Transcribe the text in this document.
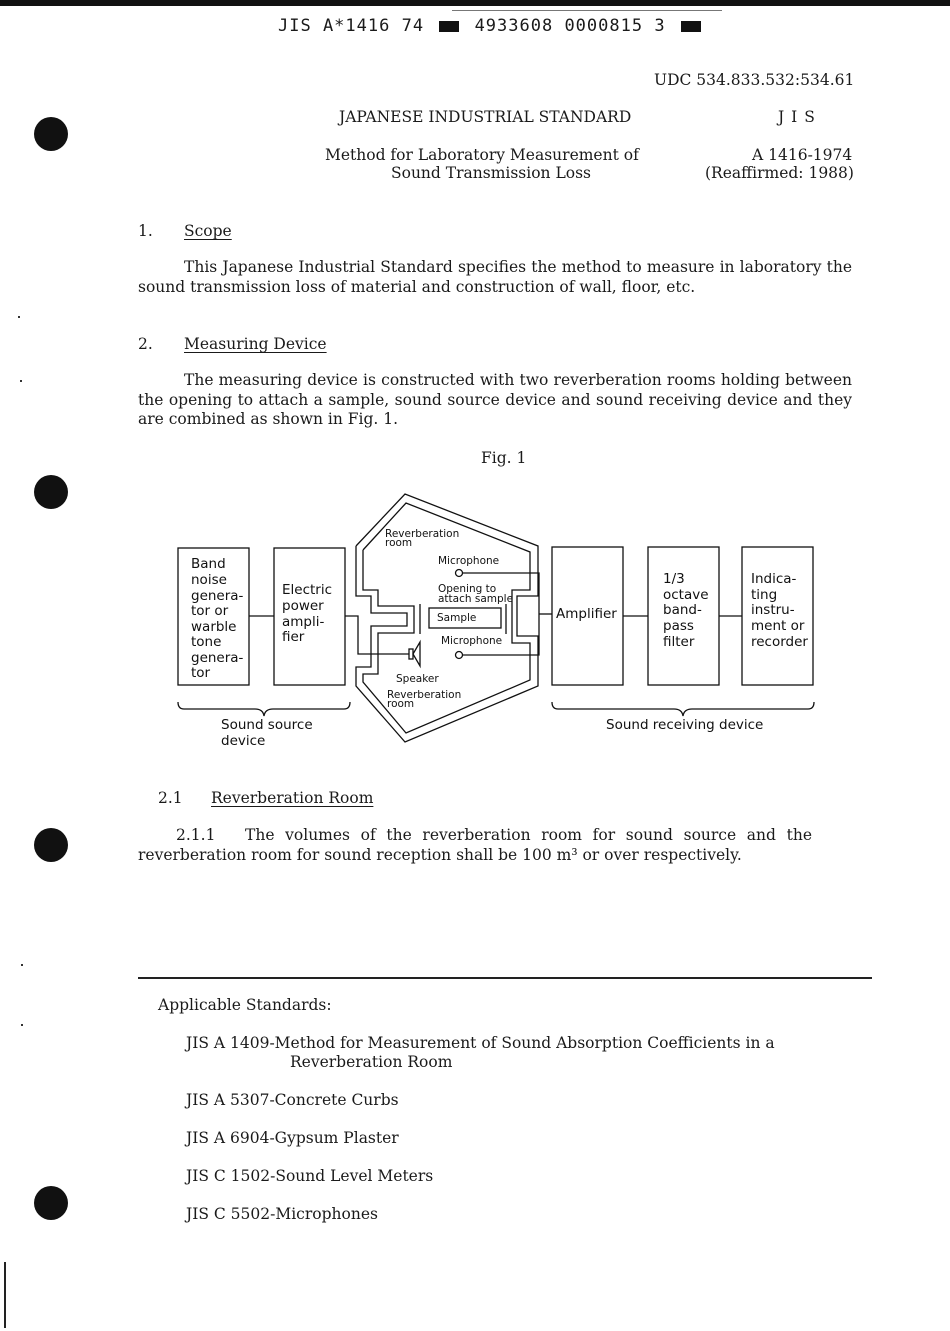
JIS A*1416 74	4933608 0000815 3
UDC 534.833.532:534.61
JAPANESE INDUSTRIAL STANDARD	J I S
Method for Laboratory Measurement of
Sound Transmission Loss
A 1416-1974
(Reaffirmed: 1988)
1. Scope
This Japanese Industrial Standard specifies the method to measure in laboratory the sound transmission loss of material and construction of wall, floor, etc.
2. Measuring Device
The measuring device is constructed with two reverberation rooms holding between the opening to attach a sample, sound source device and sound receiving device and they are combined as shown in Fig. 1.
Fig. 1
Band
noise
genera-
tor or
warble
tone
genera-
tor
Electric
power
ampli-
fier
Amplifier
1/3
octave
band-
pass
filter
Indica-
ting
instru-
ment or
recorder
Reverberation
room
Microphone
Opening to
attach sample
Sample
Microphone
Speaker
Reverberation
room
Sound source
device
Sound receiving device
2.1 Reverberation Room
2.1.1	The volumes of the reverberation room for sound source and the reverberation room for sound reception shall be 100 m³ or over respectively.
Applicable Standards:
JIS A 1409-Method for Measurement of Sound Absorption Coefficients in a
Reverberation Room
JIS A 5307-Concrete Curbs
JIS A 6904-Gypsum Plaster
JIS C 1502-Sound Level Meters
JIS C 5502-Microphones
